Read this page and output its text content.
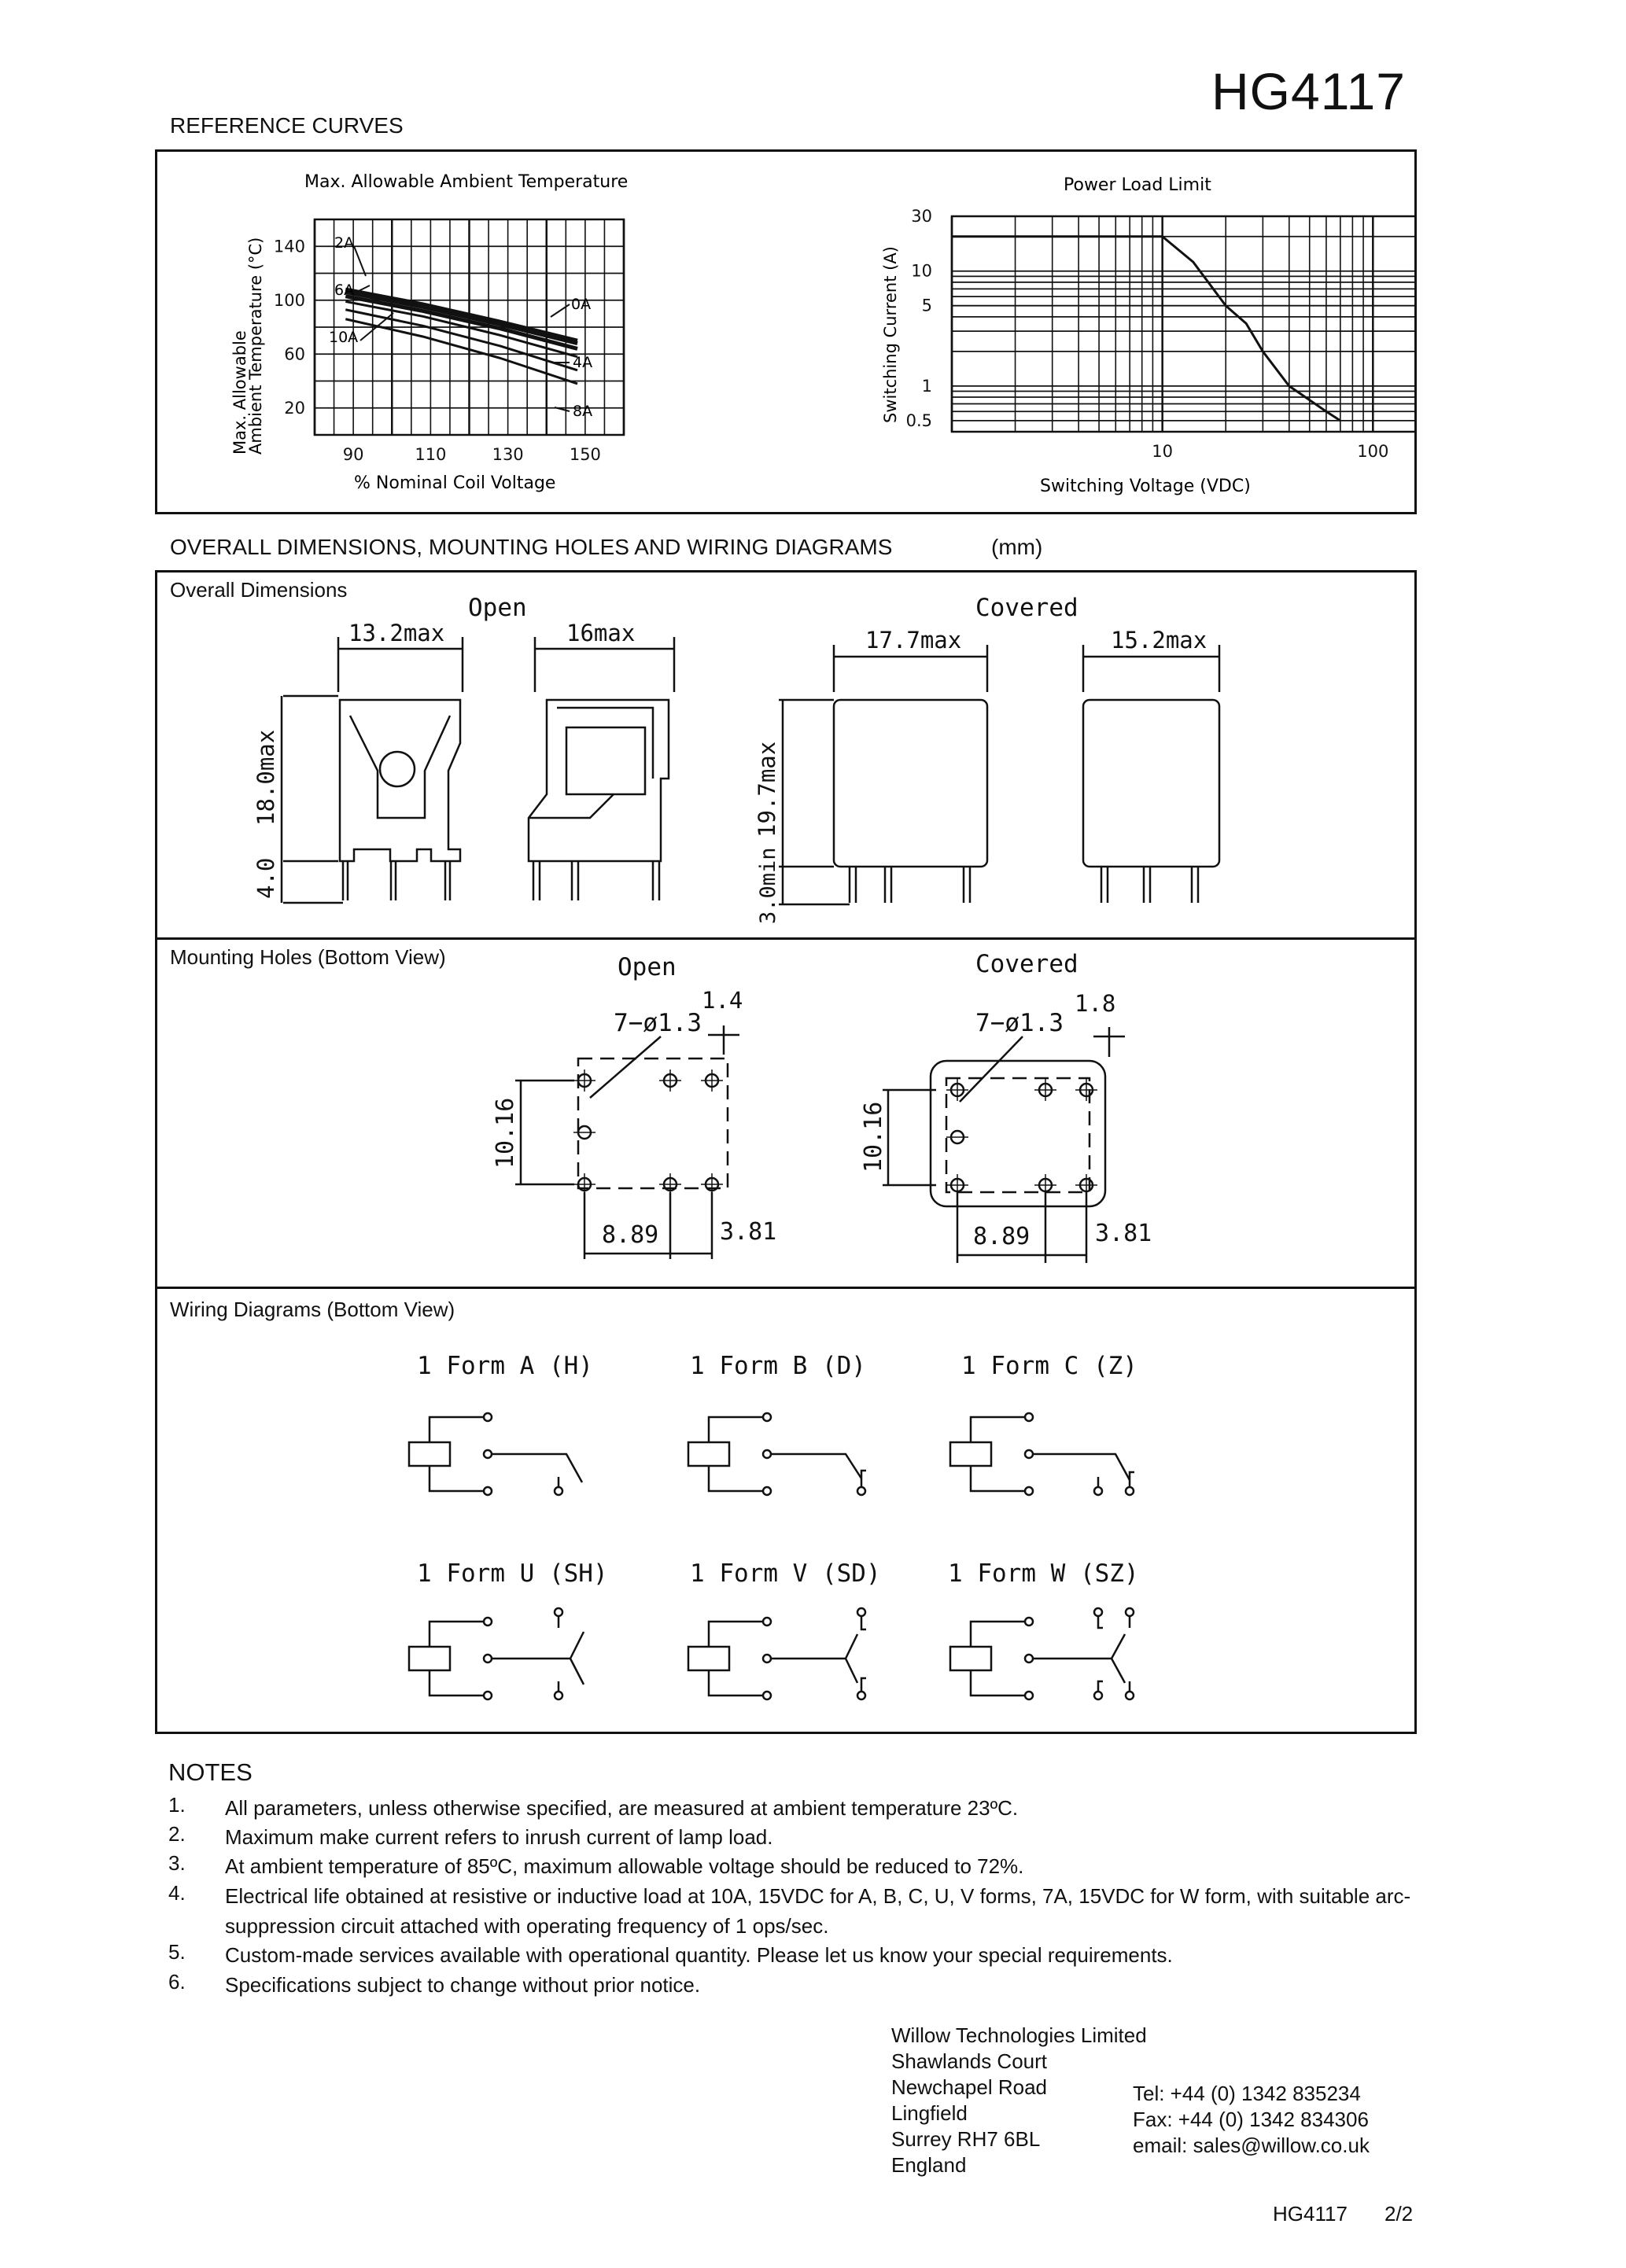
HG4117
REFERENCE CURVES
Max. Allowable Ambient Temperature
Max. Allowable
Ambient Temperature (°C) 140
100
60
20
90	110	130	150
2A
6A
10A
0A
4A
8A
% Nominal Coil Voltage
Power Load Limit
Switching Current (A)
30
10
5
1
0.5
10	100
Switching Voltage (VDC)
OVERALL DIMENSIONS, MOUNTING HOLES AND WIRING DIAGRAMS	(mm)
Overall Dimensions
Mounting Holes (Bottom View)
Wiring Diagrams (Bottom View)
Open	Covered
13.2max
18.0max
4.0
16max	17.7max
19.7max
3.0min
15.2max
Open	Covered
7−ø1.3
1.4
10.16
8.89	3.81
7−ø1.3
1.8
10.16
8.89	3.81
1 Form A (H)	1 Form B (D)	1 Form C (Z)
1 Form U (SH)	1 Form V (SD)	1 Form W (SZ)
NOTES
1. All parameters, unless otherwise specified, are measured at ambient temperature 23ºC.
2. Maximum make current refers to inrush current of lamp load.
3. At ambient temperature of 85ºC, maximum allowable voltage should be reduced to 72%.
4. Electrical life obtained at resistive or inductive load at 10A, 15VDC for A, B, C, U, V forms, 7A, 15VDC for W form, with suitable arc-suppression circuit attached with operating frequency of 1 ops/sec.
5. Custom-made services available with operational quantity. Please let us know your special requirements.
6. Specifications subject to change without prior notice.
Willow Technologies Limited
Shawlands Court
Newchapel Road
Lingfield
Surrey RH7 6BL
England
Tel: +44 (0) 1342 835234
Fax: +44 (0) 1342 834306
email: sales@willow.co.uk
HG4117 2/2
